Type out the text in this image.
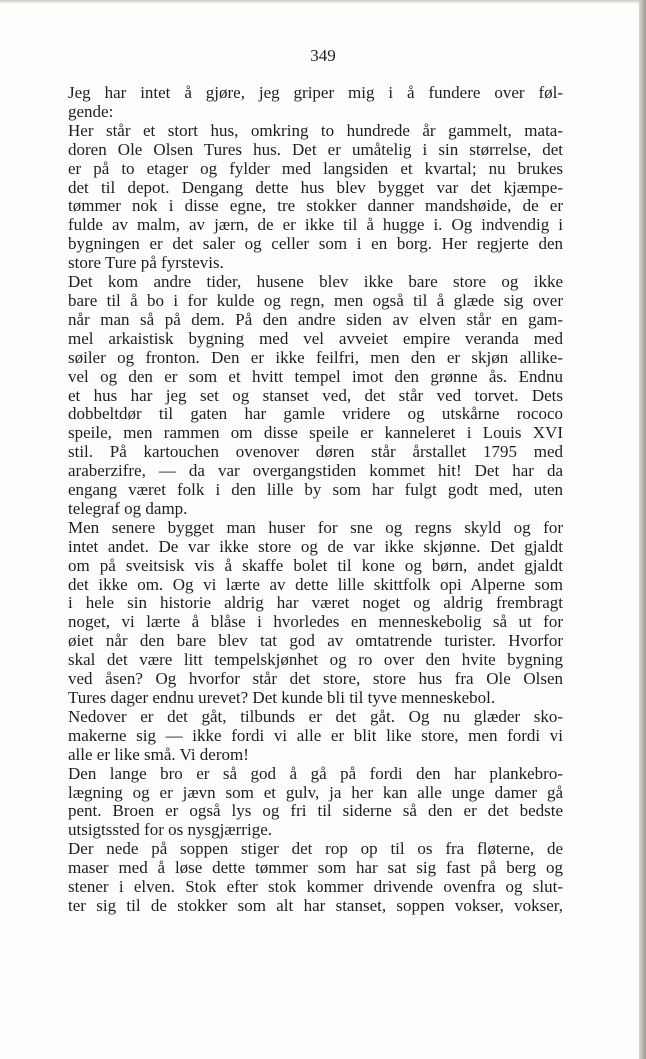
349

Jeg har intet å gjøre, jeg griper mig i å fundere over føl-
gende:

Her står et stort hus, omkring to hundrede år gammelt, mata-
doren Ole Olsen Tures hus. Det er umåtelig i sin størrelse, det
er på to etager og fylder med langsiden et kvartal; nu brukes
det til depot. Dengang dette hus blev bygget var det kjæmpe-
tømmer nok i disse egne, tre stokker danner mandshøide, de er
fulde av malm, av jærn, de er ikke til å hugge i. Og indvendig i
bygningen er det saler og celler som i en borg. Her regjerte den
store Ture på fyrstevis.

Det kom andre tider, husene blev ikke bare store og ikke
bare til å bo i for kulde og regn, men også til å glæde sig over
når man så på dem. På den andre siden av elven står en gam-
mel arkaistisk bygning med vel avveiet empire veranda med
søiler og fronton. Den er ikke feilfri, men den er skjøn allike-
vel og den er som et hvitt tempel imot den grønne ås. Endnu
et hus har jeg set og stanset ved, det står ved torvet. Dets
dobbeltdør til gaten har gamle vridere og utskårne rococo
speile, men rammen om disse speile er kanneleret i Louis XVI
stil. På kartouchen ovenover døren står årstallet 1795 med
araberzifre, — da var overgangstiden kommet hit! Det har da
engang været folk i den lille by som har fulgt godt med, uten
telegraf og damp.

Men senere bygget man huser for sne og regns skyld og for
intet andet. De var ikke store og de var ikke skjønne. Det gjaldt
om på sveitsisk vis å skaffe bolet til kone og børn, andet gjaldt
det ikke om. Og vi lærte av dette lille skittfolk opi Alperne som
i hele sin historie aldrig har været noget og aldrig frembragt
noget, vi lærte å blåse i hvorledes en menneskebolig så ut for
øiet når den bare blev tat god av omtatrende turister. Hvorfor
skal det være litt tempelskjønhet og ro over den hvite bygning
ved åsen? Og hvorfor står det store, store hus fra Ole Olsen
Tures dager endnu urevet? Det kunde bli til tyve menneskebol.

Nedover er det gåt, tilbunds er det gåt. Og nu glæder sko-
makerne sig — ikke fordi vi alle er blit like store, men fordi vi
alle er like små. Vi derom!

Den lange bro er så god å gå på fordi den har plankebro-
lægning og er jævn som et gulv, ja her kan alle unge damer gå
pent. Broen er også lys og fri til siderne så den er det bedste
utsigtssted for os nysgjærrige.

Der nede på soppen stiger det rop op til os fra fløterne, de
maser med å løse dette tømmer som har sat sig fast på berg og
stener i elven. Stok efter stok kommer drivende ovenfra og slut-
ter sig til de stokker som alt har stanset, soppen vokser, vokser,
